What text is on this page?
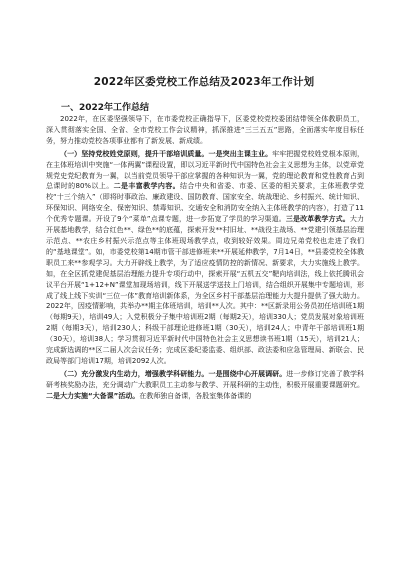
2022年区委党校工作总结及2023年工作计划
一、2022年工作总结

2022年，在区委坚强领导下，在市委党校正确指导下，区委党校党校委团结带领全体教职员工，深入贯彻落实全国、全省、全市党校工作会议精神，抓深推进“三三五五”思路，全面落实年度目标任务，努力推动党校各项事业都有了新发展、新成绩。

（一）坚持党校姓党原则，提升干部培训质量。一是突出主课主业。牢牢把握党校姓党根本原则，在主体班培训中突施“一体两翼”课程设置，即以习近平新时代中国特色社会主义思想为主体，以党章党规党史党纪教育为一翼，以当前党员领导干部应掌握的各种知识为一翼，党的理论教育和党性教育占到总课时的80%以上。二是丰富教学内容。结合中央和省委、市委、区委的相关要求，主体班教学党校“十三个纳入”（即将时事政治、廉政建设、国防教育、国家安全、统战理论、乡村振兴、统计知识、环保知识、网络安全、保密知识、禁毒知识、交通安全和消防安全纳入主体班教学的内容），打造了11个优秀专题课。开设了9个“菜单”点课专题，进一步拓宽了学员的学习渠道。三是改革教学方式。大力开展基地教学，结合红色**、绿色**的底蕴，探索开发**村旧址、**战役主战场、**党建引领基层治理示范点、**农庄乡村振兴示范点等主体班现场教学点，收到较好效果。周边兄弟党校也走进了我们的“基地课堂”。如，市委党校第14期市管干部进修班来**开展延伸教学，7月14日，**县委党校全体教职员工来**参观学习。大力开辟线上教学，为了适应疫情防控的新情况、新要求，大力实施线上教学。如，在全区抓党建促基层治理能力提升专项行动中，探索开展“五机五交”靶向培训法，线上依托腾讯会议平台开展“1+12+N”课堂加现场培训，线下开展送学送技上门培训，结合组织开展集中专题培训，形成了线上线下实训“三位一体”教育培训新体系，为全区乡村干部基层治理能力大提升提供了强大助力。2022年，因疫情影响，共举办**期主体班培训，培训**人次。其中：**区新录用公务员初任培训班1期（每期9天），培训49人；入党积极分子集中培训班2期（每期2天），培训330人；党员发展对象培训班2期（每期3天），培训230人；科级干部理论进修班1期（30天），培训24人；中青年干部培训班1期（30天），培训38人；学习贯彻习近平新时代中国特色社会主义思想读书班1期（15天），培训21人；完成新选调的**区二届人次会议任务；完成区委纪委监委、组织部、政法委和应急管理局、新联会、民政局等部门培训17期，培训2092人次。

（二）充分激发内生动力，增强教学科研能力。一是围绕中心开展调研。进一步修订完善了教学科研考核奖励办法，充分调动广大教职员工主动参与教学、开展科研的主动性，积极开展重要课题研究。二是大力实施“大备课”活动。在教师独自备课，各股室集体备课的
